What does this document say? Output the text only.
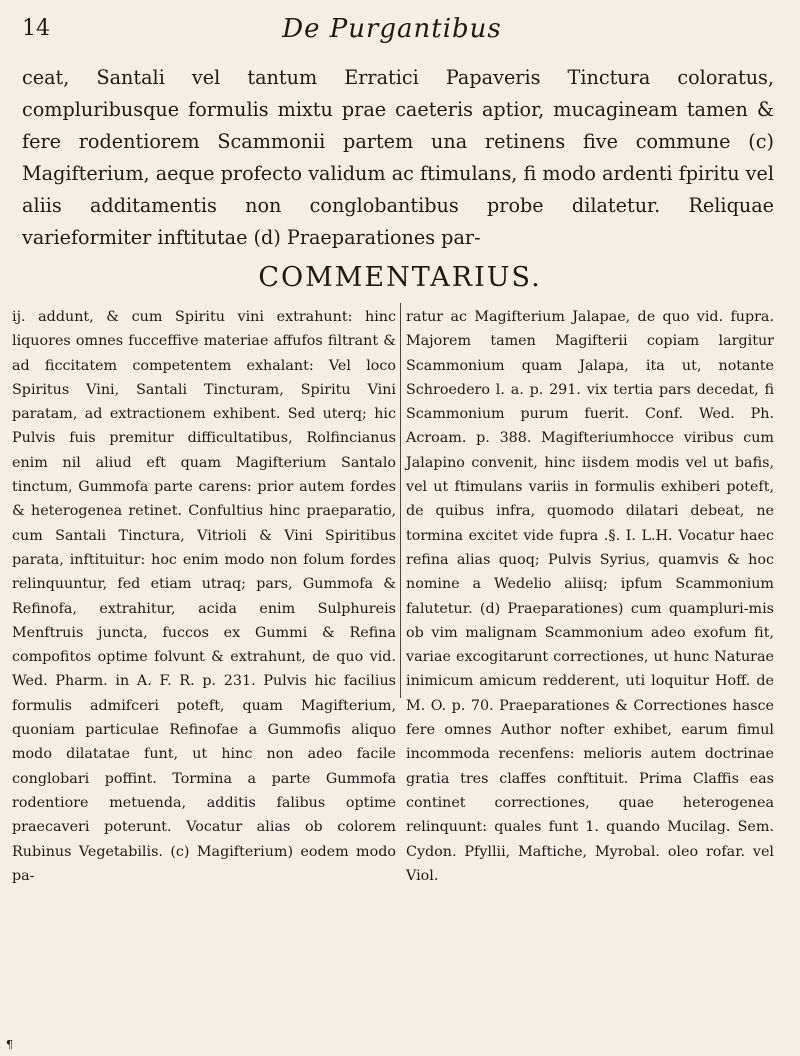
14	De Purgantibus

ceat, Santali vel tantum Erratici Papaveris Tinctura coloratus, compluribusque formulis mixtu prae caeteris aptior, mucagineam tamen & fere rodentiorem Scammonii partem una retinens five commune (c) Magifterium, aeque profecto validum ac ftimulans, fi modo ardenti fpiritu vel aliis additamentis non conglobantibus probe dilatetur. Reliquae varieformiter inftitutae (d) Praeparationes par-

COMMENTARIUS.

ij. addunt, & cum Spiritu vini extrahunt: hinc liquores omnes fucceffive materiae affufos filtrant & ad ficcitatem competentem exhalant: Vel loco Spiritus Vini, Santali Tincturam, Spiritu Vini paratam, ad extractionem exhibent. Sed uterq; hic Pulvis fuis premitur difficultatibus, Rolfincianus enim nil aliud eft quam Magifterium Santalo tinctum, Gummofa parte carens: prior autem fordes & heterogenea retinet. Confultius hinc praeparatio, cum Santali Tinctura, Vitrioli & Vini Spiritibus parata, inftituitur: hoc enim modo non folum fordes relinquuntur, fed etiam utraq; pars, Gummofa & Refinofa, extrahitur, acida enim Sulphureis Menftruis juncta, fuccos ex Gummi & Refina compofitos optime folvunt & extrahunt, de quo vid. Wed. Pharm. in A. F. R. p. 231. Pulvis hic facilius formulis admifceri poteft, quam Magifterium, quoniam particulae Refinofae a Gummofis aliquo modo dilatatae funt, ut hinc non adeo facile conglobari poffint. Tormina a parte Gummofa rodentiore metuenda, additis falibus optime praecaveri poterunt. Vocatur alias ob colorem Rubinus Vegetabilis. (c) Magifterium) eodem modo pa-

ratur ac Magifterium Jalapae, de quo vid. fupra. Majorem tamen Magifterii copiam largitur Scammonium quam Jalapa, ita ut, notante Schroedero l. a. p. 291. vix tertia pars decedat, fi Scammonium purum fuerit. Conf. Wed. Ph. Acroam. p. 388. Magifteriumhocce viribus cum Jalapino convenit, hinc iisdem modis vel ut bafis, vel ut ftimulans variis in formulis exhiberi poteft, de quibus infra, quomodo dilatari debeat, ne tormina excitet vide fupra .§. I. L.H. Vocatur haec refina alias quoq; Pulvis Syrius, quamvis & hoc nomine a Wedelio aliisq; ipfum Scammonium falutetur. (d) Praeparationes) cum quampluri-mis ob vim malignam Scammonium adeo exofum fit, variae excogitarunt correctiones, ut hunc Naturae inimicum amicum redderent, uti loquitur Hoff. de M. O. p. 70. Praeparationes & Correctiones hasce fere omnes Author nofter exhibet, earum fimul incommoda recenfens: melioris autem doctrinae gratia tres claffes conftituit. Prima Claffis eas continet correctiones, quae heterogenea relinquunt: quales funt 1. quando Mucilag. Sem. Cydon. Pfyllii, Maftiche, Myrobal. oleo rofar. vel Viol.

¶
